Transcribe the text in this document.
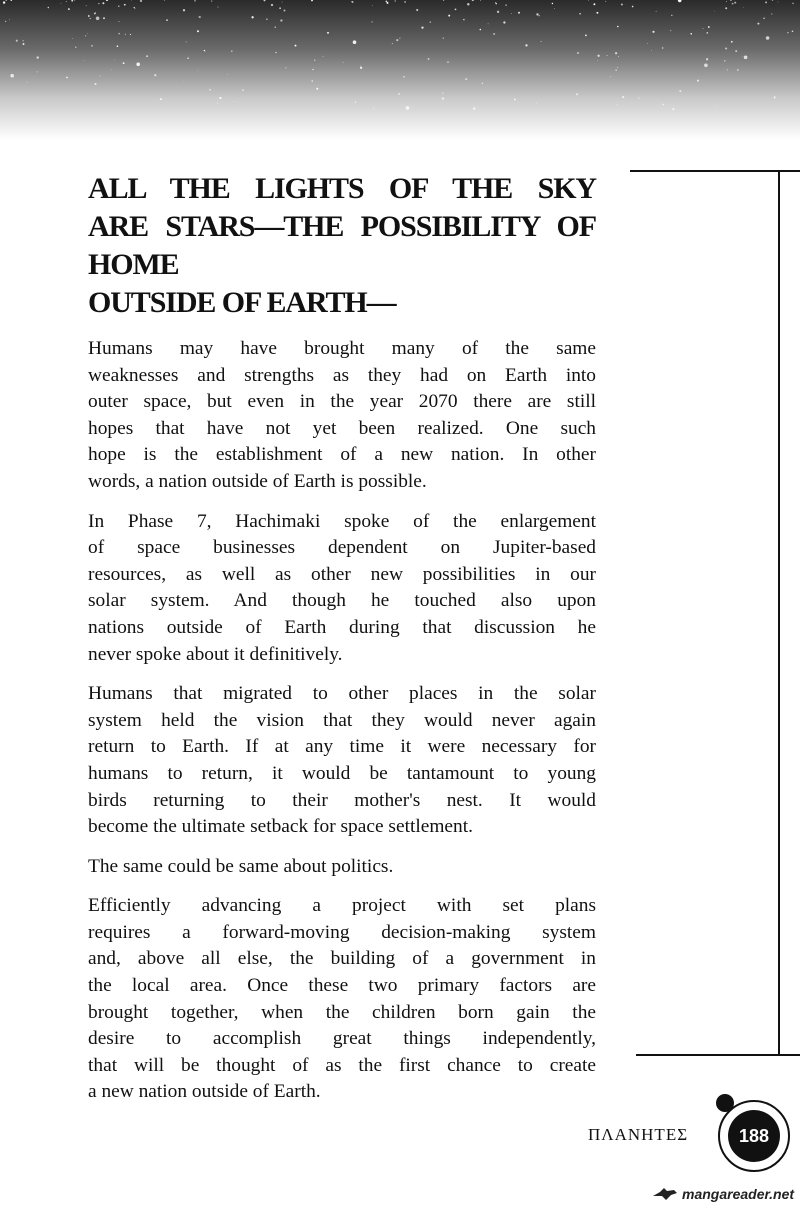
ALL THE LIGHTS OF THE SKY
ARE STARS—THE POSSIBILITY OF HOME
OUTSIDE OF EARTH—

Humans may have brought many of the same
weaknesses and strengths as they had on Earth into
outer space, but even in the year 2070 there are still
hopes that have not yet been realized. One such
hope is the establishment of a new nation. In other
words, a nation outside of Earth is possible.

In Phase 7, Hachimaki spoke of the enlargement
of space businesses dependent on Jupiter-based
resources, as well as other new possibilities in our
solar system. And though he touched also upon
nations outside of Earth during that discussion he
never spoke about it definitively.

Humans that migrated to other places in the solar
system held the vision that they would never again
return to Earth. If at any time it were necessary for
humans to return, it would be tantamount to young
birds returning to their mother's nest. It would
become the ultimate setback for space settlement.

The same could be same about politics.

Efficiently advancing a project with set plans
requires a forward-moving decision-making system
and, above all else, the building of a government in
the local area. Once these two primary factors are
brought together, when the children born gain the
desire to accomplish great things independently,
that will be thought of as the first chance to create
a new nation outside of Earth.

ΠΛΑΝΗΤΕΣ	188
mangareader.net
